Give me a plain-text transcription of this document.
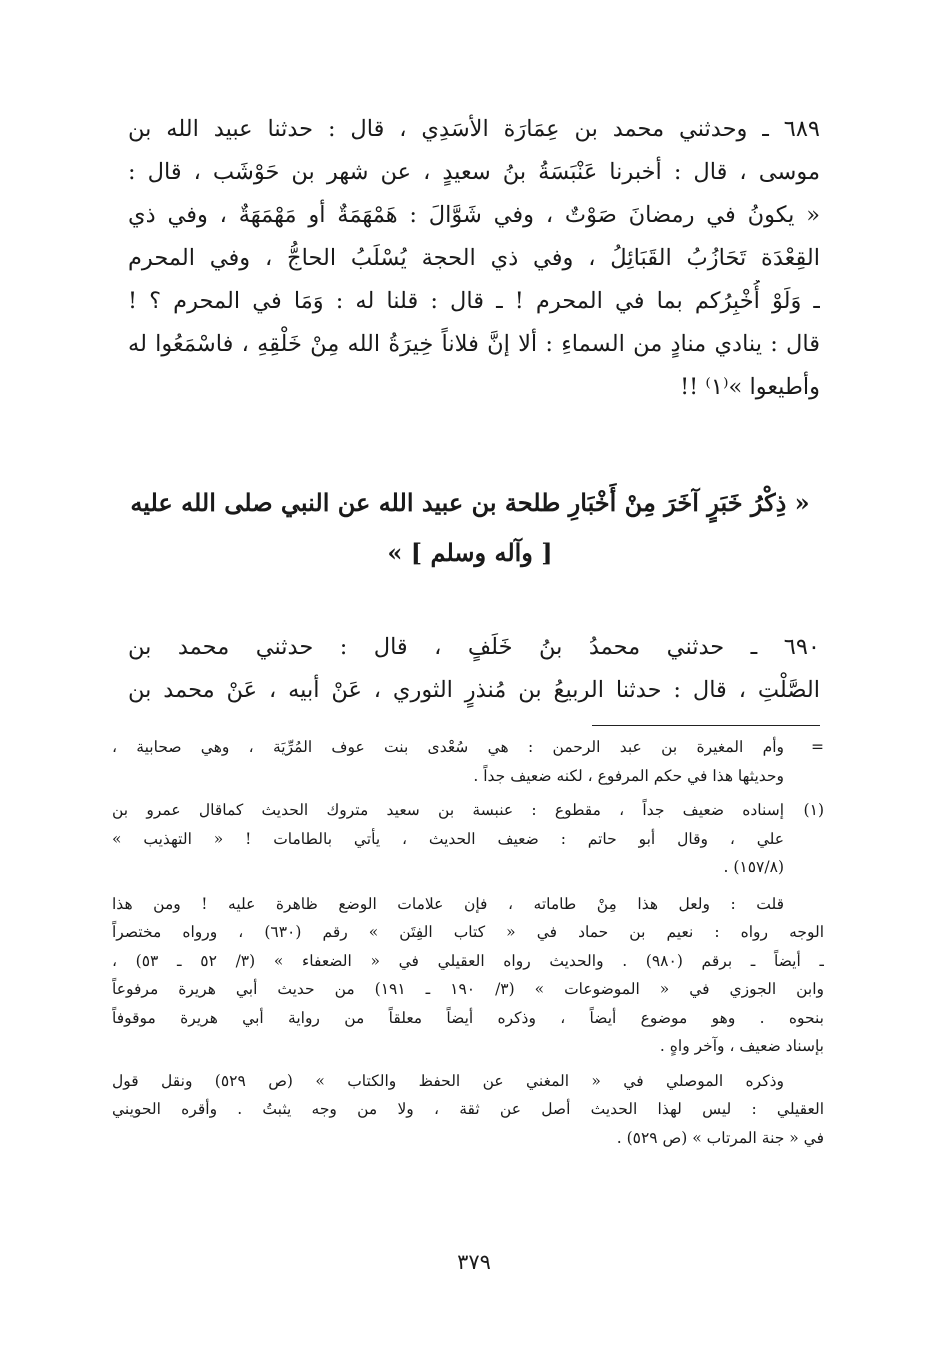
٦٨٩ ـ وحدثني محمد بن عِمَارَة الأسَدِي ، قال : حدثنا عبيد الله بن
موسى ، قال : أخبرنا عَنْبَسَةُ بنُ سعيدٍ ، عن شهر بن حَوْشَب ، قال :
« يكونُ في رمضانَ صَوْتٌ ، وفي شَوَّالَ : هَمْهَمَةٌ أو مَهْمَهَةٌ ، وفي ذي
القِعْدَة تَحَازُبُ القَبَائِلُ ، وفي ذي الحجة يُسْلَبُ الحاجُّ ، وفي المحرم
ـ وَلَوْ أُخْبِرُكم بما في المحرم ! ـ قال : قلنا له : وَمَا في المحرم ؟ !
قال : ينادي منادٍ من السماءِ : ألا إنَّ فلاناً خِيرَةُ الله مِنْ خَلْقِهِ ، فاسْمَعُوا له
وأطيعوا »⁽١⁾ !!
« ذِكْرُ خَبَرٍ آخَرَ مِنْ أَخْبَارِ طلحة بن عبيد الله عن النبي صلى الله عليه
[ وآله وسلم ] »
٦٩٠ ـ حدثني محمدُ بنُ خَلَفٍ ، قال : حدثني محمد بن
الصَّلْتِ ، قال : حدثنا الربيعُ بن مُنذرٍ الثوري ، عَنْ أبيه ، عَنْ محمد بن
=
وأم المغيرة بن عبد الرحمن : هي سُعْدى بنت عوف المُرِّيَة ، وهي صحابية ،
وحديثها هذا في حكم المرفوع ، لكنه ضعيف جداً .
(١)
إسناده ضعيف جداً ، مقطوع : عنبسة بن سعيد متروك الحديث كماقال عمرو بن
علي ، وقال أبو حاتم : ضعيف الحديث ، يأتي بالطامات ! « التهذيب »
(١٥٧/٨) .
قلت : ولعل هذا مِنْ طاماته ، فإن علامات الوضع ظاهرة عليه ! ومن هذا
الوجه رواه : نعيم بن حماد في « كتاب الفِتَن » رقم (٦٣٠) ، ورواه مختصراً
ـ أيضاً ـ برقم (٩٨٠) . والحديث رواه العقيلي في « الضعفاء » (٣/ ٥٢ ـ ٥٣) ،
وابن الجوزي في « الموضوعات » (٣/ ١٩٠ ـ ١٩١) من حديث أبي هريرة مرفوعاً
بنحوه . وهو موضوع أيضاً ، وذكره أيضاً معلقاً من رواية أبي هريرة موقوفاً
بإسناد ضعيف ، وآخر واهٍ .
وذكره الموصلي في « المغني عن الحفظ والكتاب » (ص ٥٢٩) ونقل قول
العقيلي : ليس لهذا الحديث أصل عن ثقة ، ولا من وجه يثبتُ . وأقره الحويني
في « جنة المرتاب » (ص ٥٢٩) .
٣٧٩
